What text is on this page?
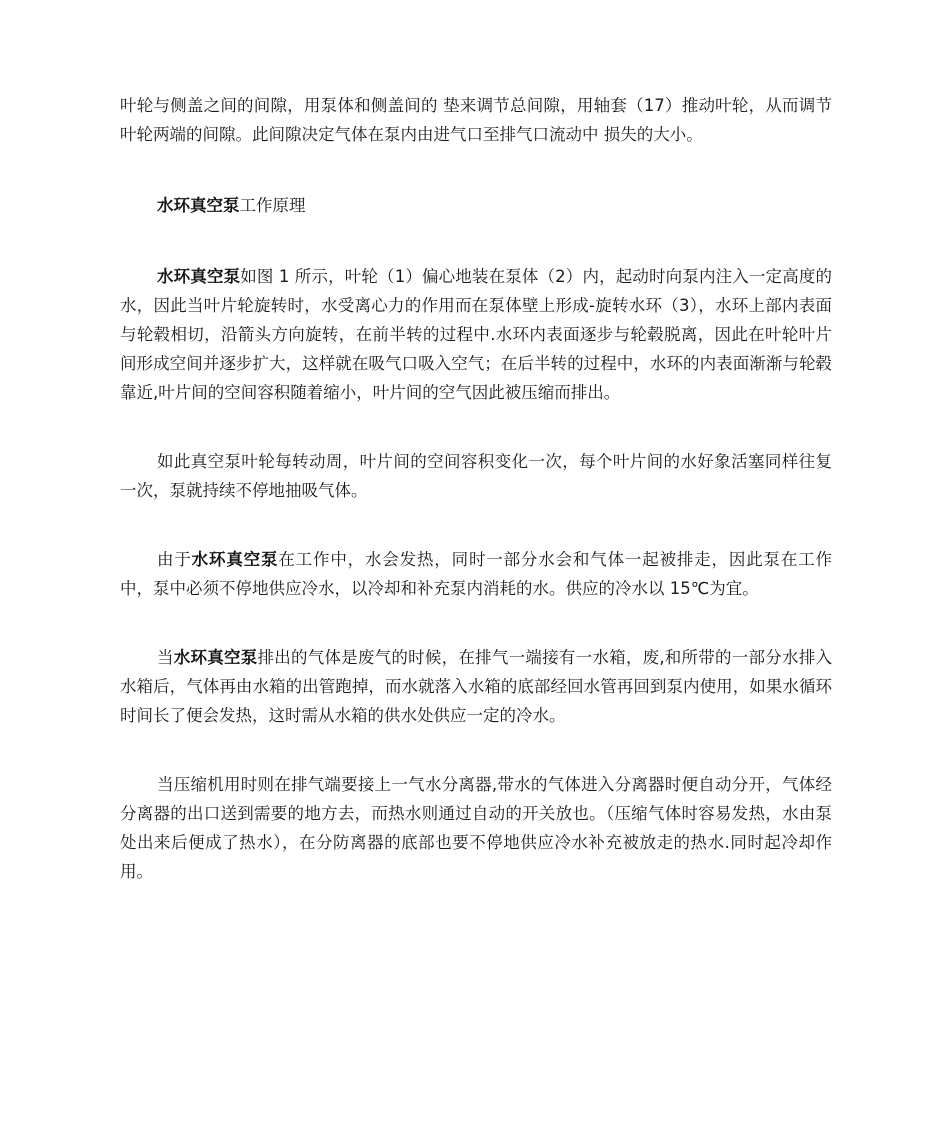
叶轮与侧盖之间的间隙，用泵体和侧盖间的 垫来调节总间隙，用轴套（17）推动叶轮，从而调节叶轮两端的间隙。此间隙决定气体在泵内由进气口至排气口流动中 损失的大小。

水环真空泵工作原理

水环真空泵如图 1 所示，叶轮（1）偏心地装在泵体（2）内，起动时向泵内注入一定高度的水，因此当叶片轮旋转时，水受离心力的作用而在泵体壁上形成-旋转水环（3），水环上部内表面与轮毂相切，沿箭头方向旋转，在前半转的过程中.水环内表面逐步与轮毂脱离，因此在叶轮叶片间形成空间并逐步扩大，这样就在吸气口吸入空气；在后半转的过程中，水环的内表面渐渐与轮毂靠近,叶片间的空间容积随着缩小，叶片间的空气因此被压缩而排出。

如此真空泵叶轮每转动周，叶片间的空间容积变化一次，每个叶片间的水好象活塞同样往复一次，泵就持续不停地抽吸气体。

由于水环真空泵在工作中，水会发热，同时一部分水会和气体一起被排走，因此泵在工作中，泵中必须不停地供应冷水，以冷却和补充泵内消耗的水。供应的冷水以 15℃为宜。

当水环真空泵排出的气体是废气的时候，在排气一端接有一水箱，废,和所带的一部分水排入水箱后，气体再由水箱的出管跑掉，而水就落入水箱的底部经回水管再回到泵内使用，如果水循环时间长了便会发热，这时需从水箱的供水处供应一定的冷水。

当压缩机用时则在排气端要接上一气水分离器,带水的气体进入分离器时便自动分开，气体经分离器的出口送到需要的地方去，而热水则通过自动的开关放也。（压缩气体时容易发热，水由泵处出来后便成了热水），在分防离器的底部也要不停地供应冷水补充被放走的热水.同时起冷却作用。
